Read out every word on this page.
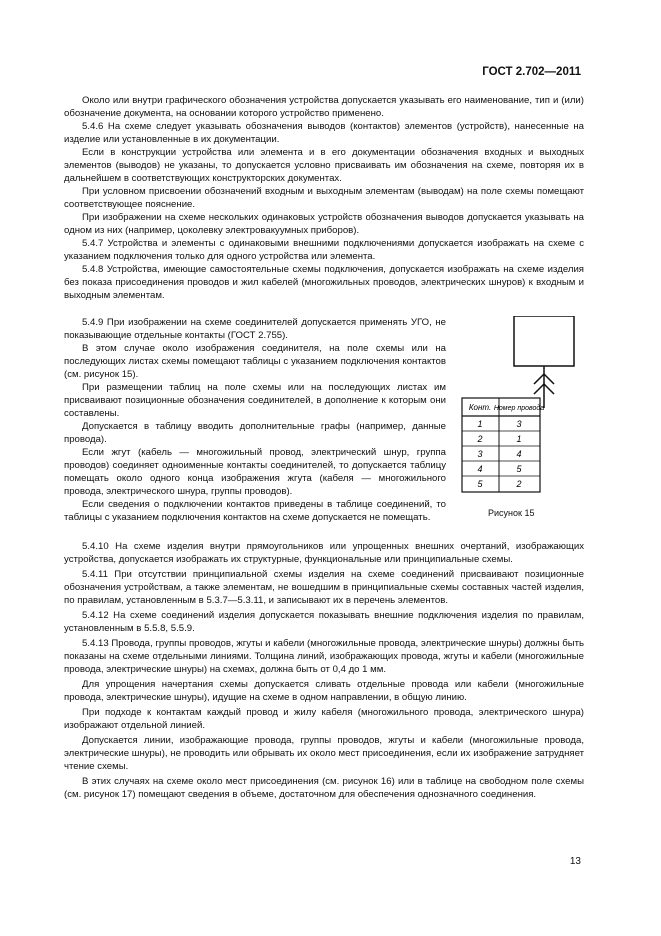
ГОСТ 2.702—2011

Около или внутри графического обозначения устройства допускается указывать его наименование, тип и (или) обозначение документа, на основании которого устройство применено.

5.4.6 На схеме следует указывать обозначения выводов (контактов) элементов (устройств), нанесенные на изделие или установленные в их документации.

Если в конструкции устройства или элемента и в его документации обозначения входных и выходных элементов (выводов) не указаны, то допускается условно присваивать им обозначения на схеме, повторяя их в дальнейшем в соответствующих конструкторских документах.

При условном присвоении обозначений входным и выходным элементам (выводам) на поле схемы помещают соответствующее пояснение.

При изображении на схеме нескольких одинаковых устройств обозначения выводов допускается указывать на одном из них (например, цоколевку электровакуумных приборов).

5.4.7 Устройства и элементы с одинаковыми внешними подключениями допускается изображать на схеме с указанием подключения только для одного устройства или элемента.

5.4.8 Устройства, имеющие самостоятельные схемы подключения, допускается изображать на схеме изделия без показа присоединения проводов и жил кабелей (многожильных проводов, электрических шнуров) к входным и выходным элементам.

5.4.9 При изображении на схеме соединителей допускается применять УГО, не показывающие отдельные контакты (ГОСТ 2.755).

В этом случае около изображения соединителя, на поле схемы или на последующих листах схемы помещают таблицы с указанием подключения контактов (см. рисунок 15).

При размещении таблиц на поле схемы или на последующих листах им присваивают позиционные обозначения соединителей, в дополнение к которым они составлены.

Допускается в таблицу вводить дополнительные графы (например, данные провода).

Если жгут (кабель — многожильный провод, электрический шнур, группа проводов) соединяет одноименные контакты соединителей, то допускается таблицу помещать около одного конца изображения жгута (кабеля — многожильного провода, электрического шнура, группы проводов).

Если сведения о подключении контактов приведены в таблице соединений, то таблицы с указанием подключения контактов на схеме допускается не помещать.

Конт. Номер провода
1	3
2	1
3	4
4	5
5	2
Рисунок 15

5.4.10 На схеме изделия внутри прямоугольников или упрощенных внешних очертаний, изображающих устройства, допускается изображать их структурные, функциональные или принципиальные схемы.

5.4.11 При отсутствии принципиальной схемы изделия на схеме соединений присваивают позиционные обозначения устройствам, а также элементам, не вошедшим в принципиальные схемы составных частей изделия, по правилам, установленным в 5.3.7—5.3.11, и записывают их в перечень элементов.

5.4.12 На схеме соединений изделия допускается показывать внешние подключения изделия по правилам, установленным в 5.5.8, 5.5.9.

5.4.13 Провода, группы проводов, жгуты и кабели (многожильные провода, электрические шнуры) должны быть показаны на схеме отдельными линиями. Толщина линий, изображающих провода, жгуты и кабели (многожильные провода, электрические шнуры) на схемах, должна быть от 0,4 до 1 мм.

Для упрощения начертания схемы допускается сливать отдельные провода или кабели (многожильные провода, электрические шнуры), идущие на схеме в одном направлении, в общую линию.

При подходе к контактам каждый провод и жилу кабеля (многожильного провода, электрического шнура) изображают отдельной линией.

Допускается линии, изображающие провода, группы проводов, жгуты и кабели (многожильные провода, электрические шнуры), не проводить или обрывать их около мест присоединения, если их изображение затрудняет чтение схемы.

В этих случаях на схеме около мест присоединения (см. рисунок 16) или в таблице на свободном поле схемы (см. рисунок 17) помещают сведения в объеме, достаточном для обеспечения однозначного соединения.

13
